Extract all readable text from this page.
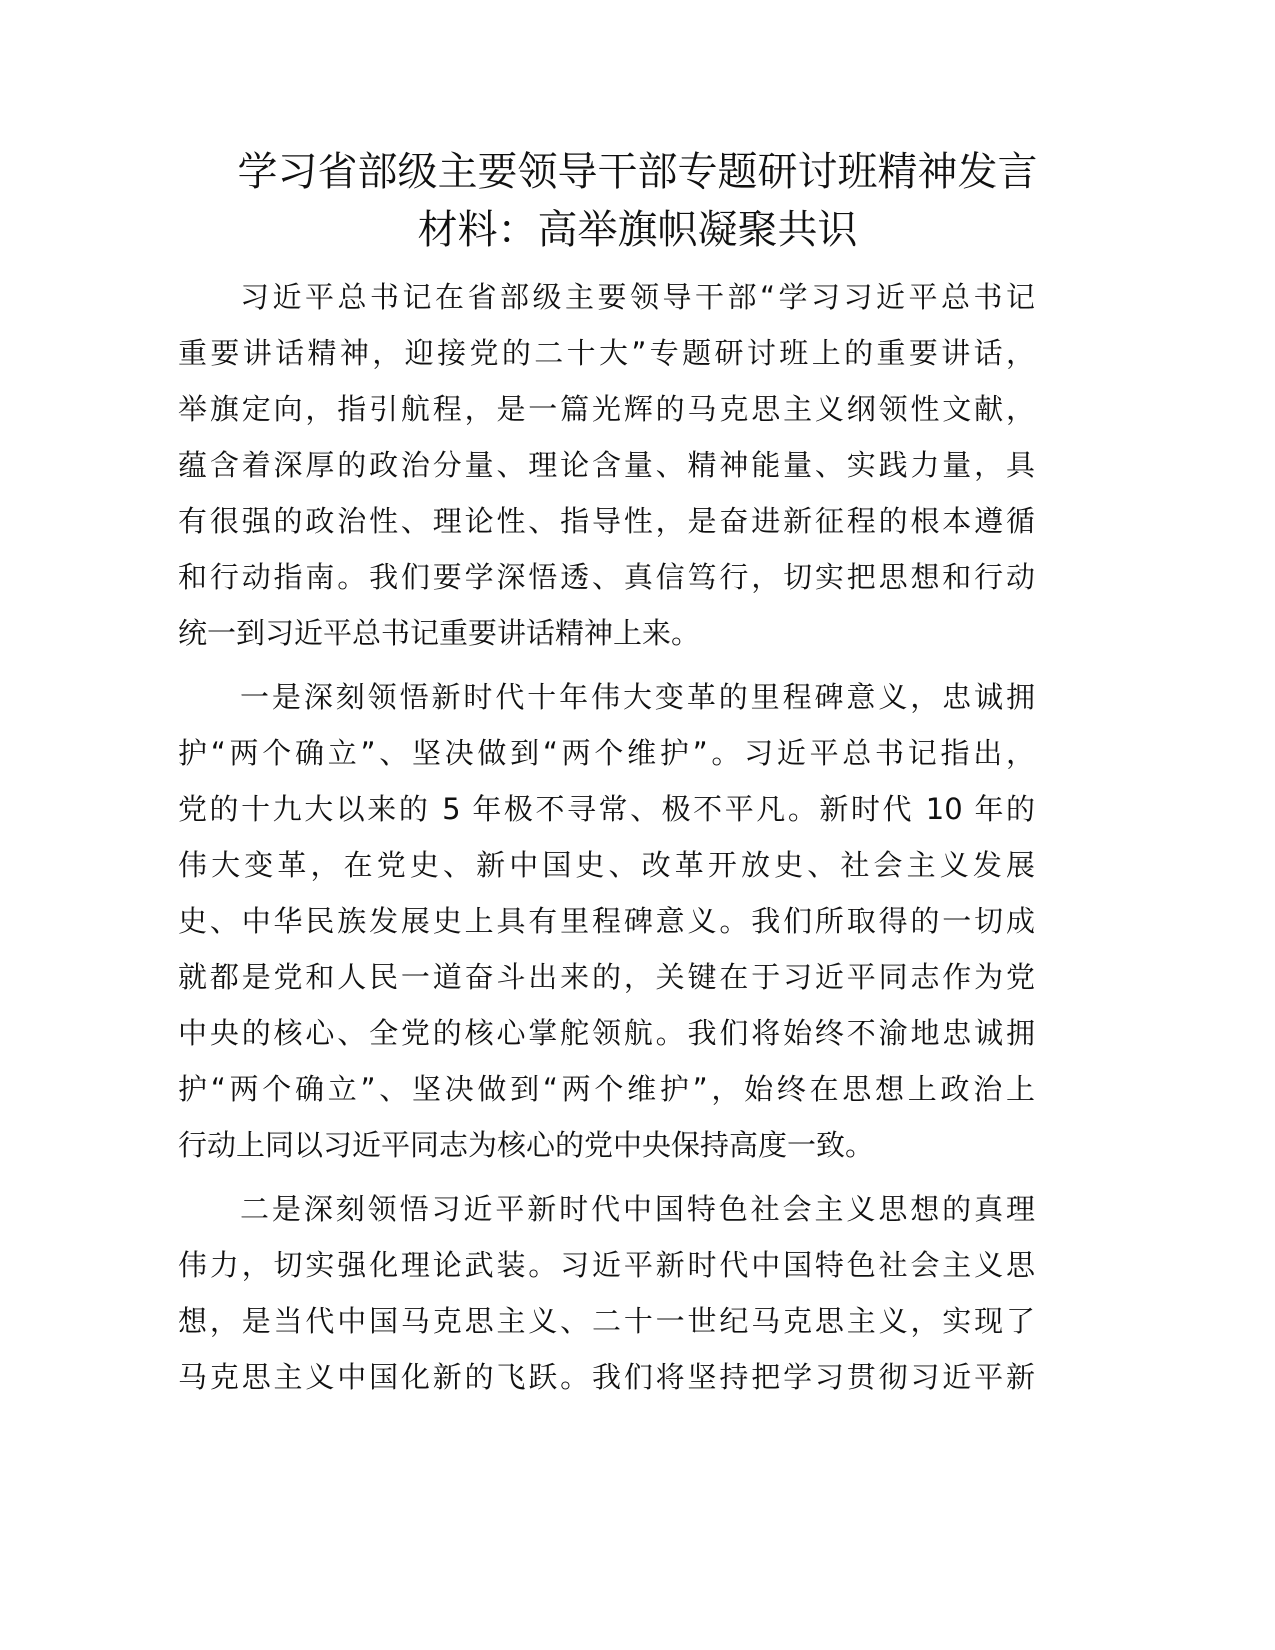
学习省部级主要领导干部专题研讨班精神发言
材料：高举旗帜凝聚共识
习近平总书记在省部级主要领导干部“学习习近平总书记
重要讲话精神，迎接党的二十大”专题研讨班上的重要讲话，
举旗定向，指引航程，是一篇光辉的马克思主义纲领性文献，
蕴含着深厚的政治分量、理论含量、精神能量、实践力量，具
有很强的政治性、理论性、指导性，是奋进新征程的根本遵循
和行动指南。我们要学深悟透、真信笃行，切实把思想和行动
统一到习近平总书记重要讲话精神上来。
一是深刻领悟新时代十年伟大变革的里程碑意义，忠诚拥
护“两个确立”、坚决做到“两个维护”。习近平总书记指出，
党的十九大以来的 5 年极不寻常、极不平凡。新时代 10 年的
伟大变革，在党史、新中国史、改革开放史、社会主义发展
史、中华民族发展史上具有里程碑意义。我们所取得的一切成
就都是党和人民一道奋斗出来的，关键在于习近平同志作为党
中央的核心、全党的核心掌舵领航。我们将始终不渝地忠诚拥
护“两个确立”、坚决做到“两个维护”，始终在思想上政治上
行动上同以习近平同志为核心的党中央保持高度一致。
二是深刻领悟习近平新时代中国特色社会主义思想的真理
伟力，切实强化理论武装。习近平新时代中国特色社会主义思
想，是当代中国马克思主义、二十一世纪马克思主义，实现了
马克思主义中国化新的飞跃。我们将坚持把学习贯彻习近平新
